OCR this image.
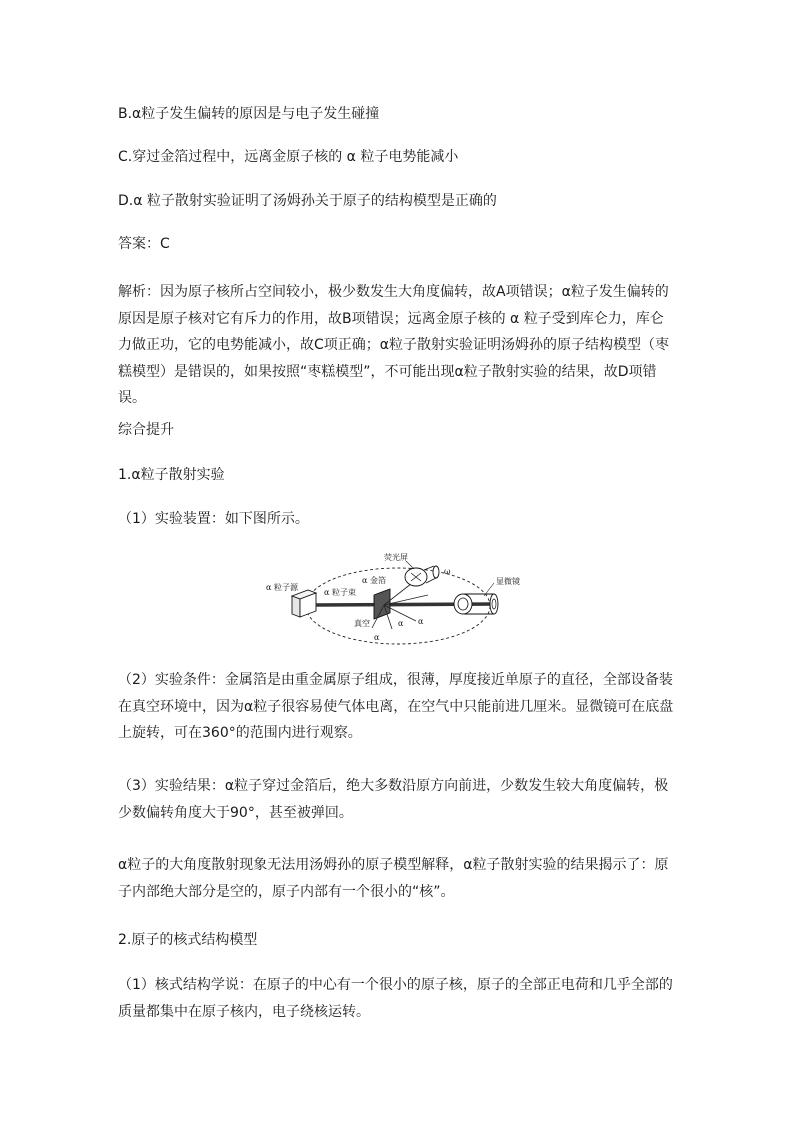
B.α粒子发生偏转的原因是与电子发生碰撞
C.穿过金箔过程中，远离金原子核的 α 粒子电势能减小
D.α 粒子散射实验证明了汤姆孙关于原子的结构模型是正确的
答案：C
解析：因为原子核所占空间较小，极少数发生大角度偏转，故A项错误；α粒子发生偏转的原因是原子核对它有斥力的作用，故B项错误；远离金原子核的 α 粒子受到库仑力，库仑力做正功，它的电势能减小，故C项正确；α粒子散射实验证明汤姆孙的原子结构模型（枣糕模型）是错误的，如果按照“枣糕模型”，不可能出现α粒子散射实验的结果，故D项错误。
综合提升
1.α粒子散射实验
（1）实验装置：如下图所示。
（2）实验条件：金属箔是由重金属原子组成，很薄，厚度接近单原子的直径，全部设备装在真空环境中，因为α粒子很容易使气体电离，在空气中只能前进几厘米。显微镜可在底盘上旋转，可在360°的范围内进行观察。
（3）实验结果：α粒子穿过金箔后，绝大多数沿原方向前进，少数发生较大角度偏转，极少数偏转角度大于90°，甚至被弹回。
α粒子的大角度散射现象无法用汤姆孙的原子模型解释，α粒子散射实验的结果揭示了：原子内部绝大部分是空的，原子内部有一个很小的“核”。
2.原子的核式结构模型
（1）核式结构学说：在原子的中心有一个很小的原子核，原子的全部正电荷和几乎全部的质量都集中在原子核内，电子绕核运转。
α 粒子源
α 粒子束
α 金箔
荧光屏
显微镜
真空
ω
α
α α
